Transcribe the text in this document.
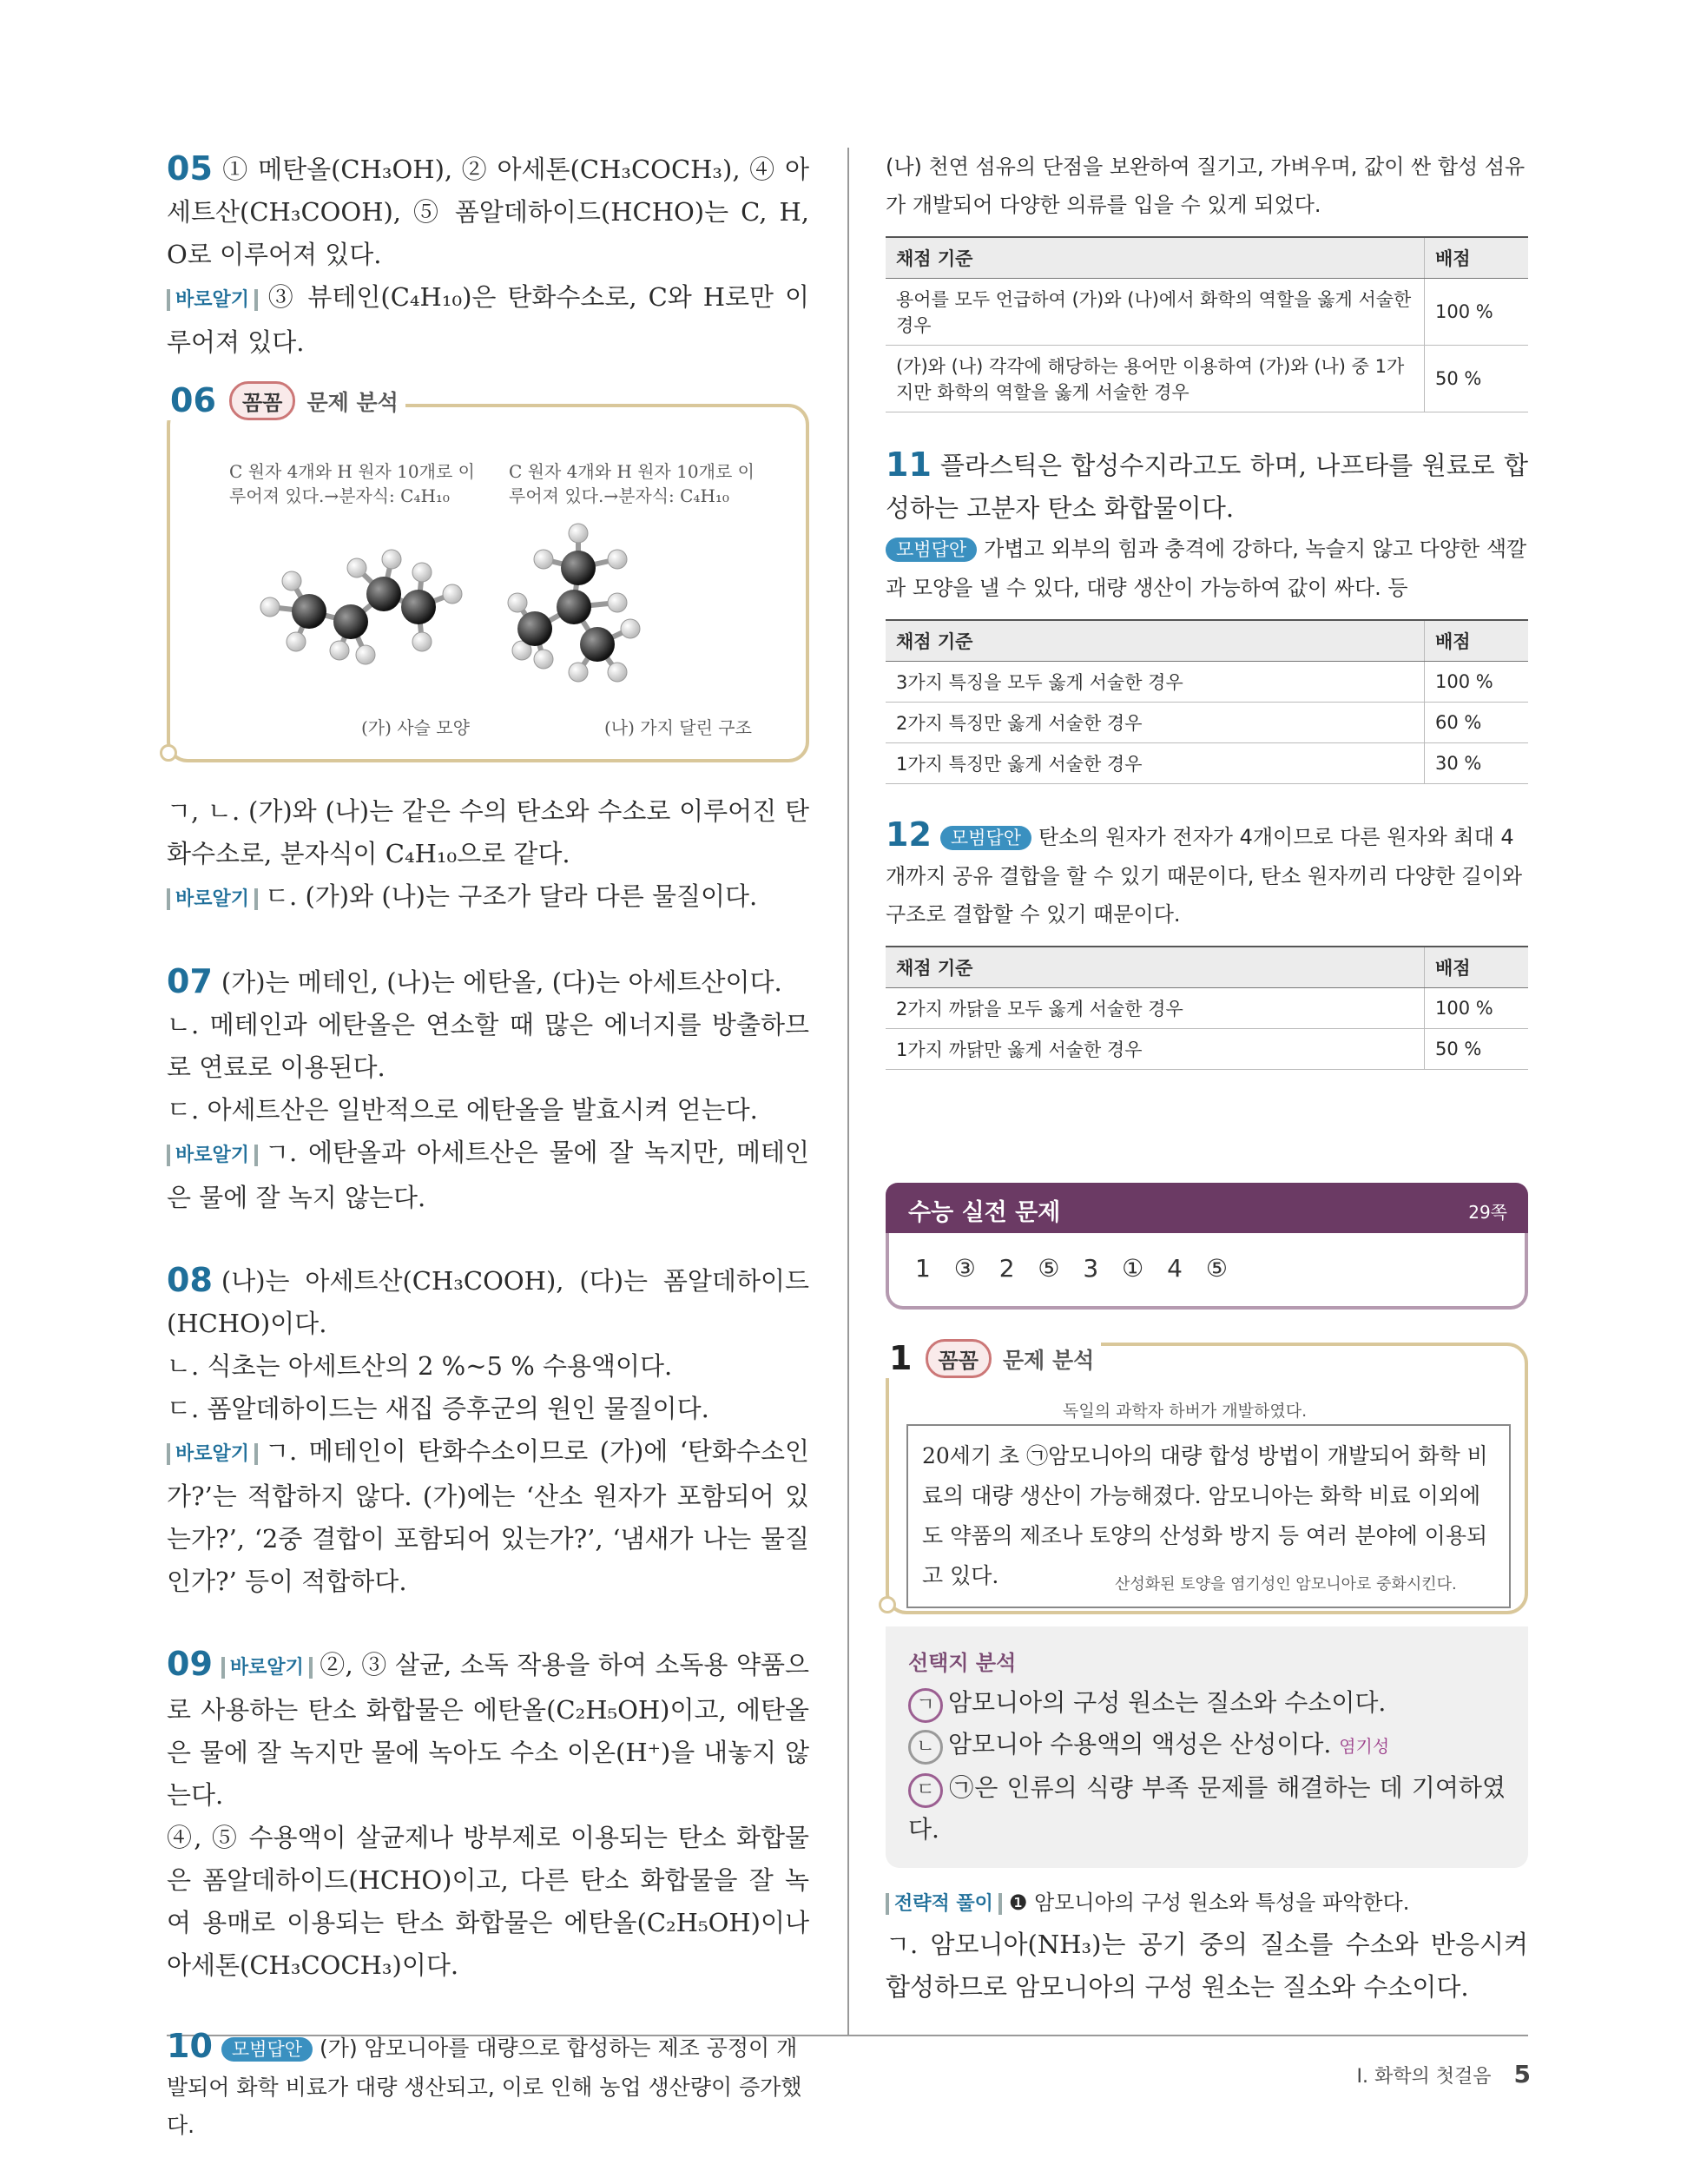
05 ① 메탄올(CH₃OH), ② 아세톤(CH₃COCH₃), ④ 아세트산(CH₃COOH), ⑤ 폼알데하이드(HCHO)는 C, H, O로 이루어져 있다.

바로알기 ③ 뷰테인(C₄H₁₀)은 탄화수소로, C와 H로만 이루어져 있다.

06 꼼꼼 문제 분석
C 원자 4개와 H 원자 10개로 이루어져 있다.→분자식: C₄H₁₀
C 원자 4개와 H 원자 10개로 이루어져 있다.→분자식: C₄H₁₀
(가) 사슬 모양	(나) 가지 달린 구조

ㄱ, ㄴ. (가)와 (나)는 같은 수의 탄소와 수소로 이루어진 탄화수소로, 분자식이 C₄H₁₀으로 같다.

바로알기 ㄷ. (가)와 (나)는 구조가 달라 다른 물질이다.

07 (가)는 메테인, (나)는 에탄올, (다)는 아세트산이다.

ㄴ. 메테인과 에탄올은 연소할 때 많은 에너지를 방출하므로 연료로 이용된다.

ㄷ. 아세트산은 일반적으로 에탄올을 발효시켜 얻는다.

바로알기 ㄱ. 에탄올과 아세트산은 물에 잘 녹지만, 메테인은 물에 잘 녹지 않는다.

08 (나)는 아세트산(CH₃COOH), (다)는 폼알데하이드(HCHO)이다.

ㄴ. 식초는 아세트산의 2 %~5 % 수용액이다.

ㄷ. 폼알데하이드는 새집 증후군의 원인 물질이다.

바로알기 ㄱ. 메테인이 탄화수소이므로 (가)에 ‘탄화수소인가?’는 적합하지 않다. (가)에는 ‘산소 원자가 포함되어 있는가?’, ‘2중 결합이 포함되어 있는가?’, ‘냄새가 나는 물질인가?’ 등이 적합하다.

09 바로알기 ②, ③ 살균, 소독 작용을 하여 소독용 약품으로 사용하는 탄소 화합물은 에탄올(C₂H₅OH)이고, 에탄올은 물에 잘 녹지만 물에 녹아도 수소 이온(H⁺)을 내놓지 않는다.

④, ⑤ 수용액이 살균제나 방부제로 이용되는 탄소 화합물은 폼알데하이드(HCHO)이고, 다른 탄소 화합물을 잘 녹여 용매로 이용되는 탄소 화합물은 에탄올(C₂H₅OH)이나 아세톤(CH₃COCH₃)이다.

10 모범답안 (가) 암모니아를 대량으로 합성하는 제조 공정이 개발되어 화학 비료가 대량 생산되고, 이로 인해 농업 생산량이 증가했다.

(나) 천연 섬유의 단점을 보완하여 질기고, 가벼우며, 값이 싼 합성 섬유가 개발되어 다양한 의류를 입을 수 있게 되었다.

채점 기준	배점
용어를 모두 언급하여 (가)와 (나)에서 화학의 역할을 옳게 서술한 경우	100 %
(가)와 (나) 각각에 해당하는 용어만 이용하여 (가)와 (나) 중 1가지만 화학의 역할을 옳게 서술한 경우	50 %

11 플라스틱은 합성수지라고도 하며, 나프타를 원료로 합성하는 고분자 탄소 화합물이다.

모범답안 가볍고 외부의 힘과 충격에 강하다, 녹슬지 않고 다양한 색깔과 모양을 낼 수 있다, 대량 생산이 가능하여 값이 싸다. 등

채점 기준	배점
3가지 특징을 모두 옳게 서술한 경우	100 %
2가지 특징만 옳게 서술한 경우	60 %
1가지 특징만 옳게 서술한 경우	30 %

12 모범답안 탄소의 원자가 전자가 4개이므로 다른 원자와 최대 4개까지 공유 결합을 할 수 있기 때문이다, 탄소 원자끼리 다양한 길이와 구조로 결합할 수 있기 때문이다.

채점 기준	배점
2가지 까닭을 모두 옳게 서술한 경우	100 %
1가지 까닭만 옳게 서술한 경우	50 %
수능 실전 문제	29쪽
1 ③ 2 ⑤ 3 ① 4 ⑤
1 꼼꼼 문제 분석
독일의 과학자 하버가 개발하였다.
20세기 초 ㉠암모니아의 대량 합성 방법이 개발되어 화학 비료의 대량 생산이 가능해졌다. 암모니아는 화학 비료 이외에도 약품의 제조나 토양의 산성화 방지 등 여러 분야에 이용되고 있다.	산성화된 토양을 염기성인 암모니아로 중화시킨다.

선택지 분석

ㄱ 암모니아의 구성 원소는 질소와 수소이다.

ㄴ 암모니아 수용액의 액성은 산성이다. 염기성

ㄷ ㉠은 인류의 식량 부족 문제를 해결하는 데 기여하였다.

전략적 풀이 ❶ 암모니아의 구성 원소와 특성을 파악한다.

ㄱ. 암모니아(NH₃)는 공기 중의 질소를 수소와 반응시켜 합성하므로 암모니아의 구성 원소는 질소와 수소이다.

Ⅰ. 화학의 첫걸음 5
